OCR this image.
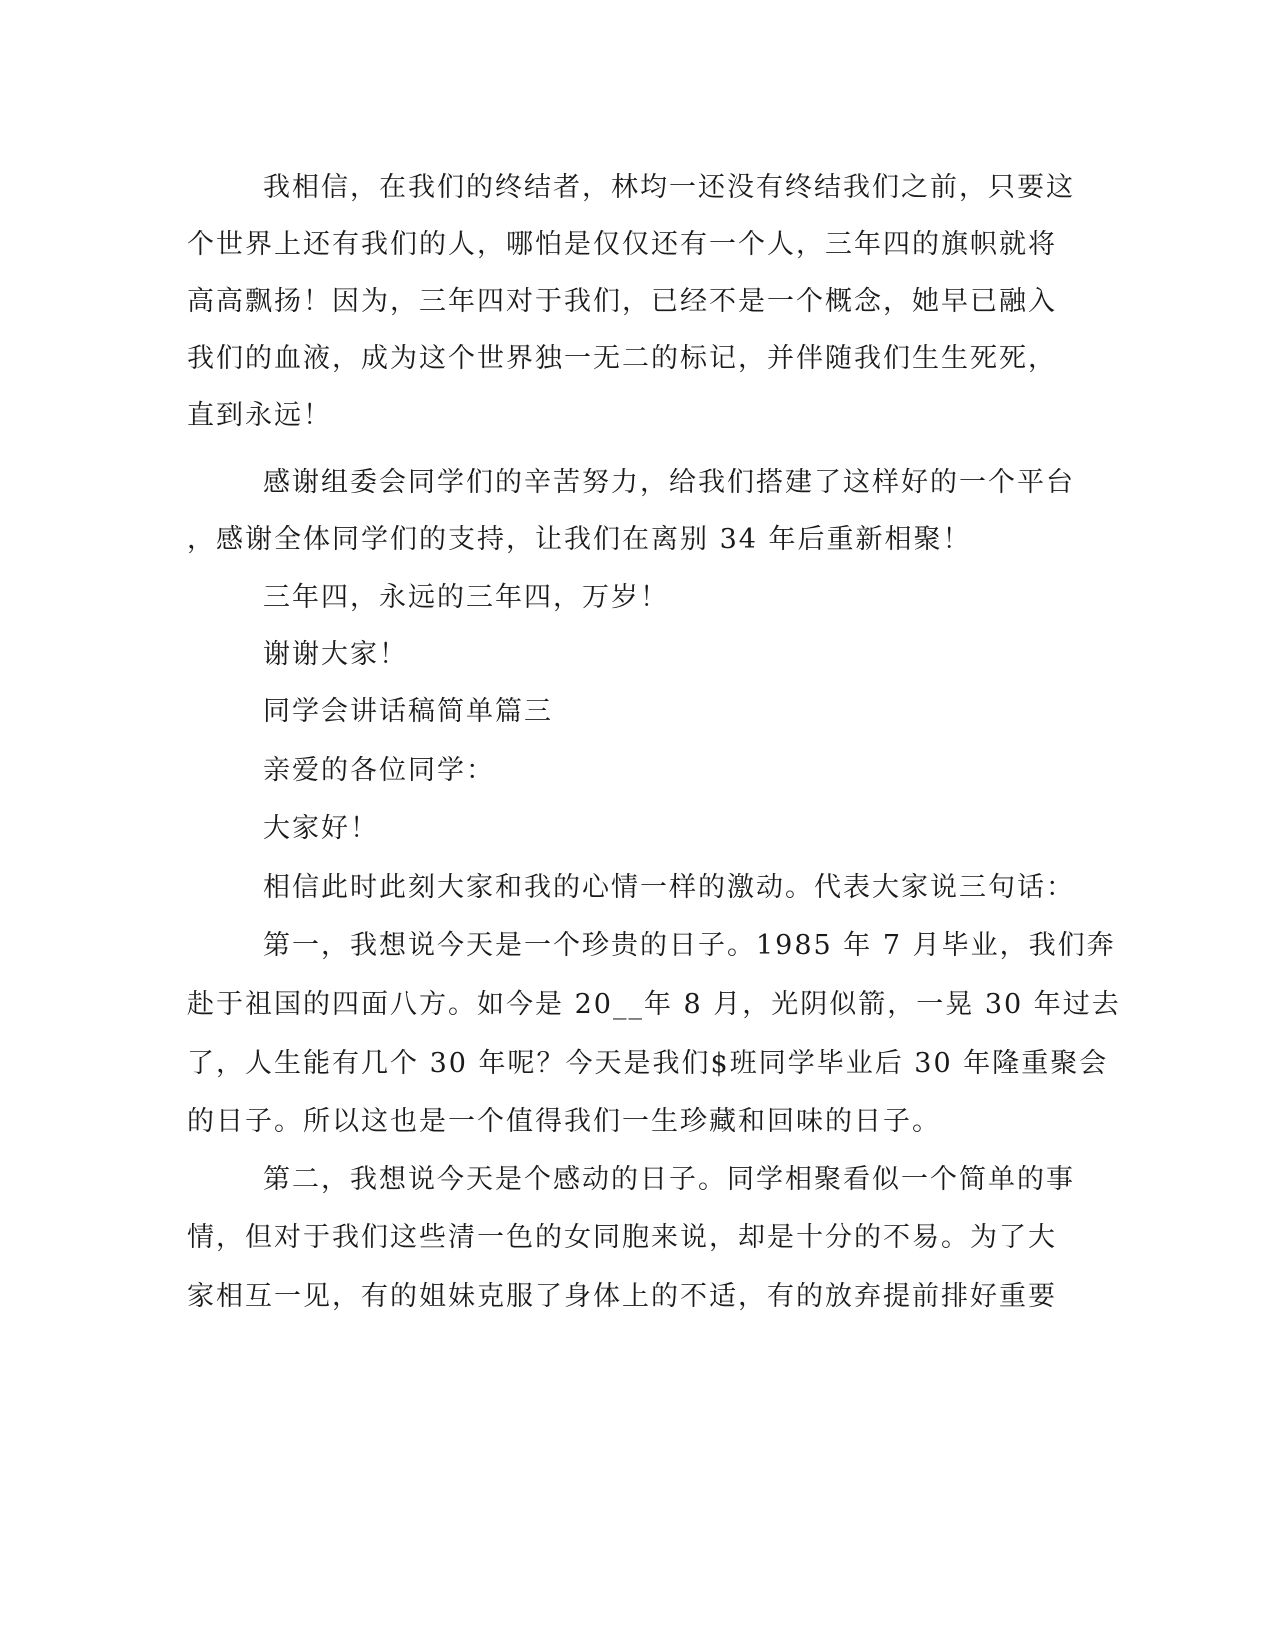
我相信，在我们的终结者，林均一还没有终结我们之前，只要这
个世界上还有我们的人，哪怕是仅仅还有一个人，三年四的旗帜就将
高高飘扬！因为，三年四对于我们，已经不是一个概念，她早已融入
我们的血液，成为这个世界独一无二的标记，并伴随我们生生死死，
直到永远！
感谢组委会同学们的辛苦努力，给我们搭建了这样好的一个平台
，感谢全体同学们的支持，让我们在离别 34 年后重新相聚！
三年四，永远的三年四，万岁！
谢谢大家！
同学会讲话稿简单篇三
亲爱的各位同学：
大家好！
相信此时此刻大家和我的心情一样的激动。代表大家说三句话：
第一，我想说今天是一个珍贵的日子。1985 年 7 月毕业，我们奔
赴于祖国的四面八方。如今是 20__年 8 月，光阴似箭，一晃 30 年过去
了，人生能有几个 30 年呢？今天是我们$班同学毕业后 30 年隆重聚会
的日子。所以这也是一个值得我们一生珍藏和回味的日子。
第二，我想说今天是个感动的日子。同学相聚看似一个简单的事
情，但对于我们这些清一色的女同胞来说，却是十分的不易。为了大
家相互一见，有的姐妹克服了身体上的不适，有的放弃提前排好重要
